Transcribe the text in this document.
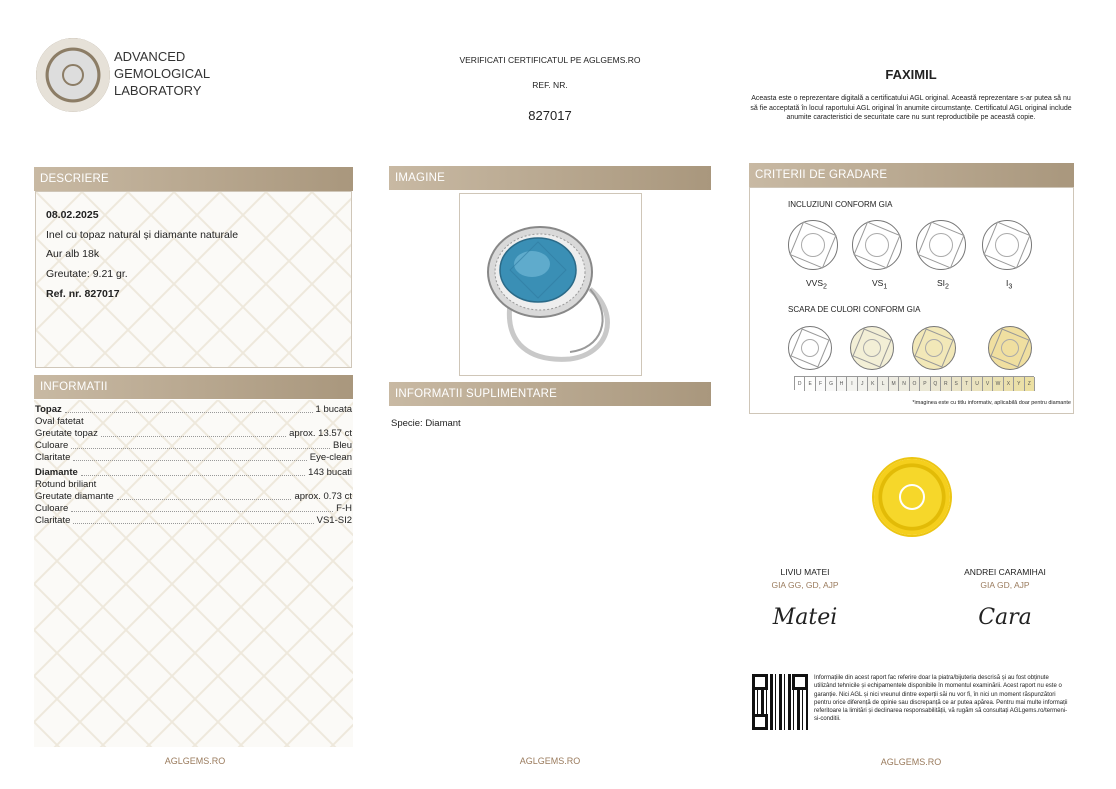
ADVANCED
GEMOLOGICAL
LABORATORY
VERIFICATI CERTIFICATUL PE AGLGEMS.RO
REF. NR.
827017
FAXIMIL
Aceasta este o reprezentare digitală a certificatului AGL original. Această reprezentare s-ar putea să nu să fie acceptată în locul raportului AGL original în anumite circumstanțe. Certificatul AGL original include anumite caracteristici de securitate care nu sunt reproductibile pe această copie.
DESCRIERE
08.02.2025
Inel cu topaz natural și diamante naturale
Aur alb 18k
Greutate: 9.21 gr.
Ref. nr. 827017
INFORMATII
Topaz	1 bucata
Oval fatetat
Greutate topaz	aprox. 13.57 ct
Culoare	Bleu
Claritate	Eye-clean
Diamante	143 bucati
Rotund briliant
Greutate diamante	aprox. 0.73 ct
Culoare	F-H
Claritate	VS1-SI2
IMAGINE
INFORMATII SUPLIMENTARE
Specie: Diamant
CRITERII DE GRADARE
INCLUZIUNI CONFORM GIA
$VVS_2$	$VS_1$	$SI_2$	$I_3$
SCARA DE CULORI CONFORM GIA
D	E	F	G	H	I	J	K	L	M	N	O	P	Q	R	S	T	U	V	W	X	Y	Z
*imaginea este cu titlu informativ, aplicabilă doar pentru diamante
LIVIU MATEI
GIA GG, GD, AJP
Matei
ANDREI CARAMIHAI
GIA GD, AJP
Cara
Informațiile din acest raport fac referire doar la piatra/bijuteria descrisă și au fost obținute utilizând tehnicile și echipamentele disponibile în momentul examinării. Acest raport nu este o garanție. Nici AGL și nici vreunul dintre experții săi nu vor fi, în nici un moment răspunzători pentru orice diferență de opinie sau discrepanță ce ar putea apărea. Pentru mai multe informații referitoare la limitări și declinarea responsabilității, vă rugăm să consultați AGLgems.ro/termeni-si-conditii.
AGLGEMS.RO	AGLGEMS.RO	AGLGEMS.RO
